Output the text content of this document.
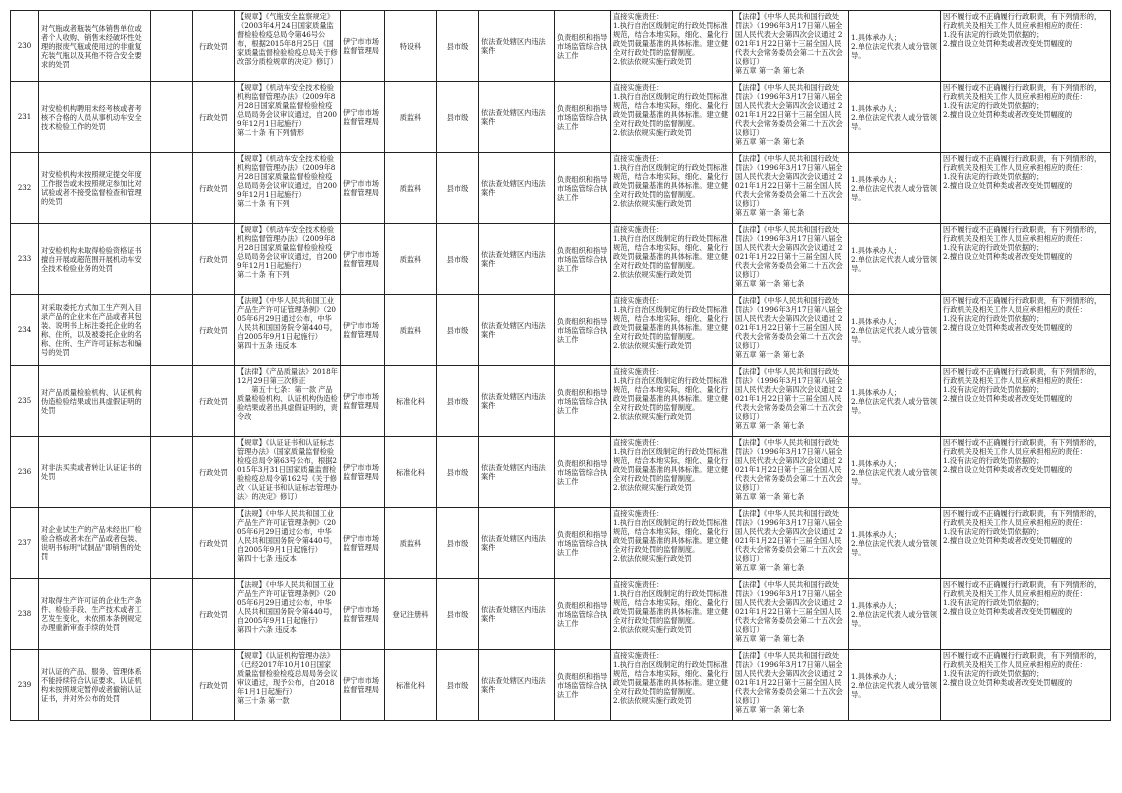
230	对气瓶或者瓶装气体销售单位或者个人收购、销售未经破坏性处理的报废气瓶或使用过的非重复充装气瓶以及其他不符合安全要求的处罚		行政处罚	【规章】《气瓶安全监察规定》（2003年4月24日国家质量监督检验检疫总局令第46号公布，根据2015年8月25日《国家质量监督检验检疫总局关于修改部分质检规章的决定》修订）	伊宁市市场监督管理局	特设科	县市级	依法查处辖区内违法案件	负责组织和指导市场监管综合执法工作	直接实施责任：
1.执行自治区级制定的行政处罚标准规范，结合本地实际，细化、量化行政处罚裁量基准的具体标准。建立健全对行政处罚的监督制度。
2.依法依规实施行政处罚	【法律】《中华人民共和国行政处罚法》（1996年3月17日第八届全国人民代表大会第四次会议通过 2021年1月22日第十三届全国人民代表大会常务委员会第二十五次会议修订）
第五章 第一条 第七条	1.具体承办人；
2.单位法定代表人或分管领导。	因不履行或不正确履行行政职责，有下列情形的，行政机关及相关工作人员应承担相应的责任：
1.没有法定的行政处罚依据的；
2.擅自设立处罚种类或者改变处罚幅度的

231	对安检机构聘用未经考核或者考核不合格的人员从事机动车安全技术检验工作的处罚		行政处罚	【规章】《机动车安全技术检验机构监督管理办法》（2009年8月28日国家质量监督检验检疫总局局务会议审议通过，自2009年12月1日起施行）
第二十条 有下列情形	伊宁市市场监督管理局	质监科	县市级	依法查处辖区内违法案件	负责组织和指导市场监管综合执法工作	直接实施责任：
1.执行自治区级制定的行政处罚标准规范，结合本地实际，细化、量化行政处罚裁量基准的具体标准。建立健全对行政处罚的监督制度。
2.依法依规实施行政处罚	【法律】《中华人民共和国行政处罚法》（1996年3月17日第八届全国人民代表大会第四次会议通过 2021年1月22日第十三届全国人民代表大会常务委员会第二十五次会议修订）
第五章 第一条 第七条	1.具体承办人；
2.单位法定代表人或分管领导。	因不履行或不正确履行行政职责，有下列情形的，行政机关及相关工作人员应承担相应的责任：
1.没有法定的行政处罚依据的；
2.擅自设立处罚种类或者改变处罚幅度的

232	对安检机构未按照规定提交年度工作报告或未按照规定参加比对试验或者不接受监督检查和管理的处罚		行政处罚	【规章】《机动车安全技术检验机构监督管理办法》（2009年8月28日国家质量监督检验检疫总局局务会议审议通过，自2009年12月1日起施行）
第二十条 有下列	伊宁市市场监督管理局	质监科	县市级	依法查处辖区内违法案件	负责组织和指导市场监管综合执法工作	直接实施责任：
1.执行自治区级制定的行政处罚标准规范，结合本地实际，细化、量化行政处罚裁量基准的具体标准。建立健全对行政处罚的监督制度。
2.依法依规实施行政处罚	【法律】《中华人民共和国行政处罚法》（1996年3月17日第八届全国人民代表大会第四次会议通过 2021年1月22日第十三届全国人民代表大会常务委员会第二十五次会议修订）
第五章 第一条 第七条	1.具体承办人；
2.单位法定代表人或分管领导。	因不履行或不正确履行行政职责，有下列情形的，行政机关及相关工作人员应承担相应的责任：
1.没有法定的行政处罚依据的；
2.擅自设立处罚种类或者改变处罚幅度的

233	对安检机构未取得检验资格证书擅自开展或超范围开展机动车安全技术检验业务的处罚		行政处罚	【规章】《机动车安全技术检验机构监督管理办法》（2009年8月28日国家质量监督检验检疫总局局务会议审议通过，自2009年12月1日起施行）
第二十条 有下列	伊宁市市场监督管理局	质监科	县市级	依法查处辖区内违法案件	负责组织和指导市场监管综合执法工作	直接实施责任：
1.执行自治区级制定的行政处罚标准规范，结合本地实际，细化、量化行政处罚裁量基准的具体标准。建立健全对行政处罚的监督制度。
2.依法依规实施行政处罚	【法律】《中华人民共和国行政处罚法》（1996年3月17日第八届全国人民代表大会第四次会议通过 2021年1月22日第十三届全国人民代表大会常务委员会第二十五次会议修订）
第五章 第一条 第七条	1.具体承办人；
2.单位法定代表人或分管领导。	因不履行或不正确履行行政职责，有下列情形的，行政机关及相关工作人员应承担相应的责任：
1.没有法定的行政处罚依据的；
2.擅自设立处罚种类或者改变处罚幅度的

234	对采取委托方式加工生产列入目录产品的企业未在产品或者其包装、说明书上标注委托企业的名称、住所，以及被委托企业的名称、住所、生产许可证标志和编号的处罚		行政处罚	【法规】《中华人民共和国工业产品生产许可证管理条例》（2005年6月29日通过公布，中华人民共和国国务院令第440号，自2005年9月1日起施行）
第四十五条 违反本	伊宁市市场监督管理局	质监科	县市级	依法查处辖区内违法案件	负责组织和指导市场监管综合执法工作	直接实施责任：
1.执行自治区级制定的行政处罚标准规范，结合本地实际，细化、量化行政处罚裁量基准的具体标准。建立健全对行政处罚的监督制度。
2.依法依规实施行政处罚	【法律】《中华人民共和国行政处罚法》（1996年3月17日第八届全国人民代表大会第四次会议通过 2021年1月22日第十三届全国人民代表大会常务委员会第二十五次会议修订）
第五章 第一条 第七条	1.具体承办人；
2.单位法定代表人或分管领导。	因不履行或不正确履行行政职责，有下列情形的，行政机关及相关工作人员应承担相应的责任：
1.没有法定的行政处罚依据的；
2.擅自设立处罚种类或者改变处罚幅度的

235	对产品质量检验机构、认证机构伪造检验结果或出具虚假证明的处罚		行政处罚	【法律】《产品质量法》2018年12月29日第三次修正
　　第五十七条：第一款 产品质量检验机构、认证机构伪造检验结果或者出具虚假证明的，责令改	伊宁市市场监督管理局	标准化科	县市级	依法查处辖区内违法案件	负责组织和指导市场监管综合执法工作	直接实施责任：
1.执行自治区级制定的行政处罚标准规范，结合本地实际，细化、量化行政处罚裁量基准的具体标准。建立健全对行政处罚的监督制度。
2.依法依规实施行政处罚	【法律】《中华人民共和国行政处罚法》（1996年3月17日第八届全国人民代表大会第四次会议通过 2021年1月22日第十三届全国人民代表大会常务委员会第二十五次会议修订）
第五章 第一条 第七条	1.具体承办人；
2.单位法定代表人或分管领导。	因不履行或不正确履行行政职责，有下列情形的，行政机关及相关工作人员应承担相应的责任：
1.没有法定的行政处罚依据的；
2.擅自设立处罚种类或者改变处罚幅度的

236	对非法买卖或者转让认证证书的处罚		行政处罚	【规章】《认证证书和认证标志管理办法》（国家质量监督检验检疫总局令第63号公布，根据2015年3月31日国家质量监督检验检疫总局令第162号《关于修改〈认证证书和认证标志管理办法〉的决定》修订）	伊宁市市场监督管理局	标准化科	县市级	依法查处辖区内违法案件	负责组织和指导市场监管综合执法工作	直接实施责任：
1.执行自治区级制定的行政处罚标准规范，结合本地实际，细化、量化行政处罚裁量基准的具体标准。建立健全对行政处罚的监督制度。
2.依法依规实施行政处罚	【法律】《中华人民共和国行政处罚法》（1996年3月17日第八届全国人民代表大会第四次会议通过 2021年1月22日第十三届全国人民代表大会常务委员会第二十五次会议修订）
第五章 第一条 第七条	1.具体承办人；
2.单位法定代表人或分管领导。	因不履行或不正确履行行政职责，有下列情形的，行政机关及相关工作人员应承担相应的责任：
1.没有法定的行政处罚依据的；
2.擅自设立处罚种类或者改变处罚幅度的

237	对企业试生产的产品未经出厂检验合格或者未在产品或者包装、说明书标明"试制品"即销售的处罚		行政处罚	【法规】《中华人民共和国工业产品生产许可证管理条例》（2005年6月29日通过公布，中华人民共和国国务院令第440号，自2005年9月1日起施行）
第四十七条 违反本	伊宁市市场监督管理局	质监科	县市级	依法查处辖区内违法案件	负责组织和指导市场监管综合执法工作	直接实施责任：
1.执行自治区级制定的行政处罚标准规范，结合本地实际，细化、量化行政处罚裁量基准的具体标准。建立健全对行政处罚的监督制度。
2.依法依规实施行政处罚	【法律】《中华人民共和国行政处罚法》（1996年3月17日第八届全国人民代表大会第四次会议通过 2021年1月22日第十三届全国人民代表大会常务委员会第二十五次会议修订）
第五章 第一条 第七条	1.具体承办人；
2.单位法定代表人或分管领导。	因不履行或不正确履行行政职责，有下列情形的，行政机关及相关工作人员应承担相应的责任：
1.没有法定的行政处罚依据的；
2.擅自设立处罚种类或者改变处罚幅度的

238	对取得生产许可证的企业生产条件、检验手段、生产技术或者工艺发生变化，未依照本条例规定办理重新审查手续的处罚		行政处罚	【法规】《中华人民共和国工业产品生产许可证管理条例》（2005年6月29日通过公布，中华人民共和国国务院令第440号，自2005年9月1日起施行）
第四十六条 违反本	伊宁市市场监督管理局	登记注册科	县市级	依法查处辖区内违法案件	负责组织和指导市场监管综合执法工作	直接实施责任：
1.执行自治区级制定的行政处罚标准规范，结合本地实际，细化、量化行政处罚裁量基准的具体标准。建立健全对行政处罚的监督制度。
2.依法依规实施行政处罚	【法律】《中华人民共和国行政处罚法》（1996年3月17日第八届全国人民代表大会第四次会议通过 2021年1月22日第十三届全国人民代表大会常务委员会第二十五次会议修订）
第五章 第一条 第七条	1.具体承办人；
2.单位法定代表人或分管领导。	因不履行或不正确履行行政职责，有下列情形的，行政机关及相关工作人员应承担相应的责任：
1.没有法定的行政处罚依据的；
2.擅自设立处罚种类或者改变处罚幅度的

239	对认证的产品、服务、管理体系不能持续符合认证要求，认证机构未按照规定暂停或者撤销认证证书，并对外公布的处罚		行政处罚	【规章】《认证机构管理办法》（已经2017年10月10日国家质量监督检验检疫总局局务会议审议通过，现予公布，自2018年1月1日起施行）
第三十条 第一款	伊宁市市场监督管理局	标准化科	县市级	依法查处辖区内违法案件	负责组织和指导市场监管综合执法工作	直接实施责任：
1.执行自治区级制定的行政处罚标准规范，结合本地实际，细化、量化行政处罚裁量基准的具体标准。建立健全对行政处罚的监督制度。
2.依法依规实施行政处罚	【法律】《中华人民共和国行政处罚法》（1996年3月17日第八届全国人民代表大会第四次会议通过 2021年1月22日第十三届全国人民代表大会常务委员会第二十五次会议修订）
第五章 第一条 第七条	1.具体承办人；
2.单位法定代表人或分管领导。	因不履行或不正确履行行政职责，有下列情形的，行政机关及相关工作人员应承担相应的责任：
1.没有法定的行政处罚依据的；
2.擅自设立处罚种类或者改变处罚幅度的
